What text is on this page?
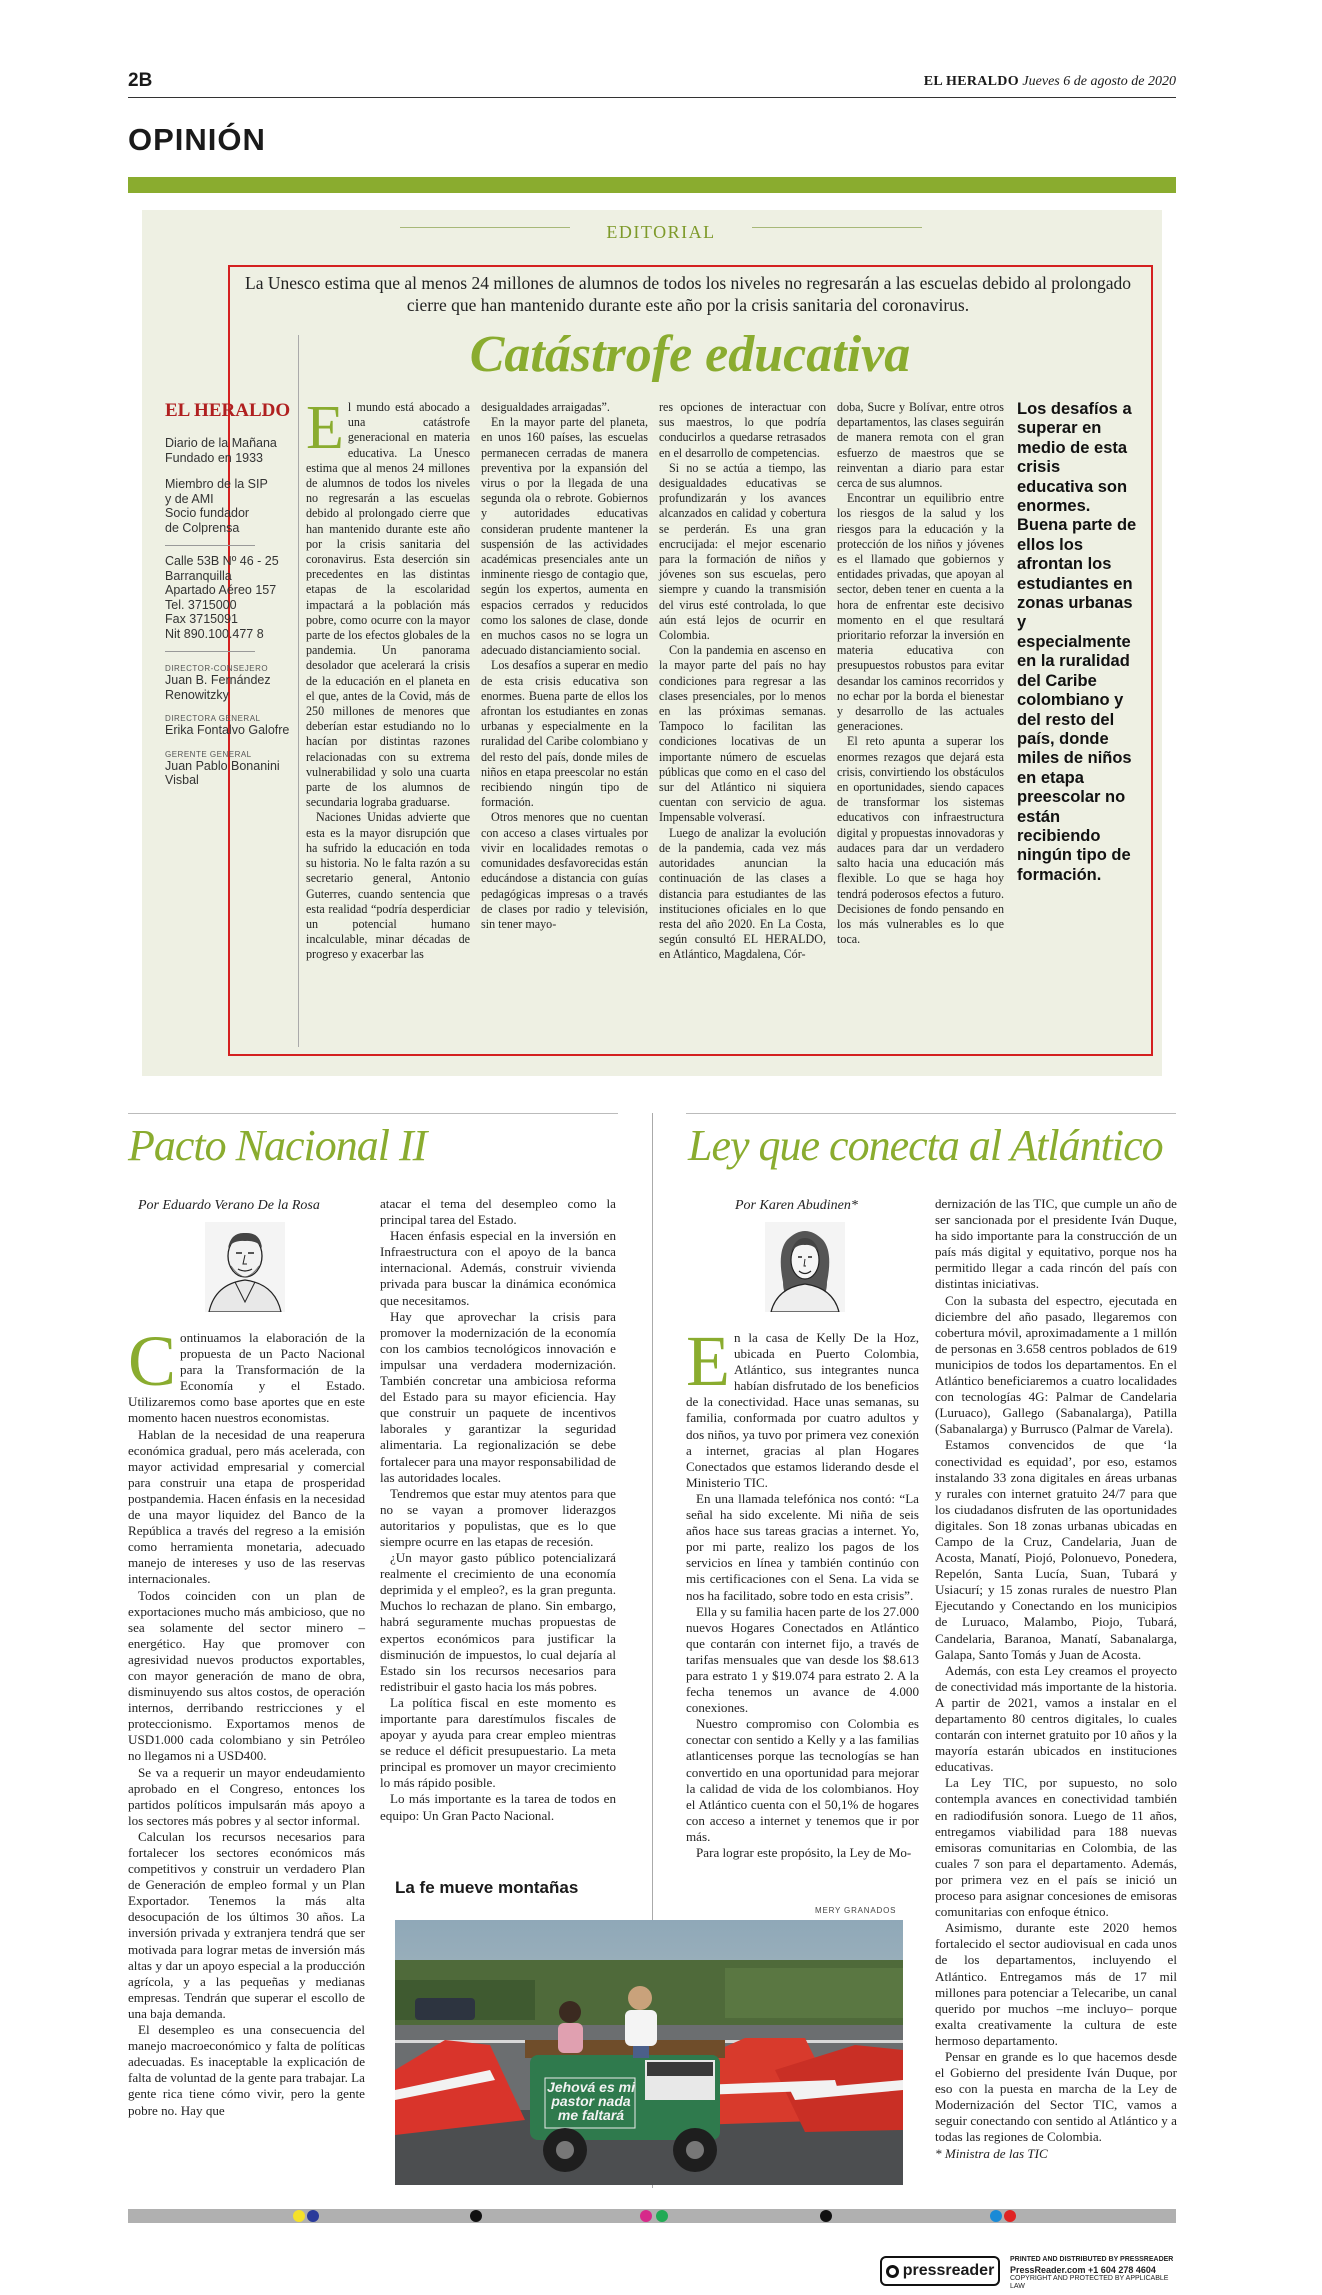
2B	EL HERALDO Jueves 6 de agosto de 2020
OPINIÓN
EDITORIAL
La Unesco estima que al menos 24 millones de alumnos de todos los niveles no regresarán a las escuelas debido al prolongado cierre que han mantenido durante este año por la crisis sanitaria del coronavirus.
Catástrofe educativa
EL HERALDO
Diario de la Mañana
Fundado en 1933
Miembro de la SIP
y de AMI
Socio fundador
de Colprensa
Calle 53B Nº 46 - 25
Barranquilla
Apartado Aéreo 157
Tel. 3715000
Fax 3715091
Nit 890.100.477 8
DIRECTOR-CONSEJERO
Juan B. Fernández Renowitzky
DIRECTORA GENERAL
Erika Fontalvo Galofre
GERENTE GENERAL
Juan Pablo Bonanini Visbal

El mundo está abocado a una catástrofe generacional en materia educativa. La Unesco estima que al menos 24 millones de alumnos de todos los niveles no regresarán a las escuelas debido al prolongado cierre que han mantenido durante este año por la crisis sanitaria del coronavirus. Esta deserción sin precedentes en las distintas etapas de la escolaridad impactará a la población más pobre, como ocurre con la mayor parte de los efectos globales de la pandemia. Un panorama desolador que acelerará la crisis de la educación en el planeta en el que, antes de la Covid, más de 250 millones de menores que deberían estar estudiando no lo hacían por distintas razones relacionadas con su extrema vulnerabilidad y solo una cuarta parte de los alumnos de secundaria lograba graduarse.

Naciones Unidas advierte que esta es la mayor disrupción que ha sufrido la educación en toda su historia. No le falta razón a su secretario general, Antonio Guterres, cuando sentencia que esta realidad “podría desperdiciar un potencial humano incalculable, minar décadas de progreso y exacerbar las

desigualdades arraigadas”.

En la mayor parte del planeta, en unos 160 países, las escuelas permanecen cerradas de manera preventiva por la expansión del virus o por la llegada de una segunda ola o rebrote. Gobiernos y autoridades educativas consideran prudente mantener la suspensión de las actividades académicas presenciales ante un inminente riesgo de contagio que, según los expertos, aumenta en espacios cerrados y reducidos como los salones de clase, donde en muchos casos no se logra un adecuado distanciamiento social.

Los desafíos a superar en medio de esta crisis educativa son enormes. Buena parte de ellos los afrontan los estudiantes en zonas urbanas y especialmente en la ruralidad del Caribe colombiano y del resto del país, donde miles de niños en etapa preescolar no están recibiendo ningún tipo de formación.

Otros menores que no cuentan con acceso a clases virtuales por vivir en localidades remotas o comunidades desfavorecidas están educándose a distancia con guías pedagógicas impresas o a través de clases por radio y televisión, sin tener mayo-

res opciones de interactuar con sus maestros, lo que podría conducirlos a quedarse retrasados en el desarrollo de competencias.

Si no se actúa a tiempo, las desigualdades educativas se profundizarán y los avances alcanzados en calidad y cobertura se perderán. Es una gran encrucijada: el mejor escenario para la formación de niños y jóvenes son sus escuelas, pero siempre y cuando la transmisión del virus esté controlada, lo que aún está lejos de ocurrir en Colombia.

Con la pandemia en ascenso en la mayor parte del país no hay condiciones para regresar a las clases presenciales, por lo menos en las próximas semanas. Tampoco lo facilitan las condiciones locativas de un importante número de escuelas públicas que como en el caso del sur del Atlántico ni siquiera cuentan con servicio de agua. Impensable volverasí.

Luego de analizar la evolución de la pandemia, cada vez más autoridades anuncian la continuación de las clases a distancia para estudiantes de las instituciones oficiales en lo que resta del año 2020. En La Costa, según consultó EL HERALDO, en Atlántico, Magdalena, Cór-

doba, Sucre y Bolívar, entre otros departamentos, las clases seguirán de manera remota con el gran esfuerzo de maestros que se reinventan a diario para estar cerca de sus alumnos.

Encontrar un equilibrio entre los riesgos de la salud y los riesgos para la educación y la protección de los niños y jóvenes es el llamado que gobiernos y entidades privadas, que apoyan al sector, deben tener en cuenta a la hora de enfrentar este decisivo momento en el que resultará prioritario reforzar la inversión en materia educativa con presupuestos robustos para evitar desandar los caminos recorridos y no echar por la borda el bienestar y desarrollo de las actuales generaciones.

El reto apunta a superar los enormes rezagos que dejará esta crisis, convirtiendo los obstáculos en oportunidades, siendo capaces de transformar los sistemas educativos con infraestructura digital y propuestas innovadoras y audaces para dar un verdadero salto hacia una educación más flexible. Lo que se haga hoy tendrá poderosos efectos a futuro. Decisiones de fondo pensando en los más vulnerables es lo que toca.

Los desafíos a superar en medio de esta crisis educativa son enormes. Buena parte de ellos los afrontan los estudiantes en zonas urbanas y especialmente en la ruralidad del Caribe colombiano y del resto del país, donde miles de niños en etapa preescolar no están recibiendo ningún tipo de formación.
Pacto Nacional II
Por Eduardo Verano De la Rosa

Continuamos la elaboración de la propuesta de un Pacto Nacional para la Transformación de la Economía y el Estado. Utilizaremos como base aportes que en este momento hacen nuestros economistas.

Hablan de la necesidad de una reaperura económica gradual, pero más acelerada, con mayor actividad empresarial y comercial para construir una etapa de prosperidad postpandemia. Hacen énfasis en la necesidad de una mayor liquidez del Banco de la República a través del regreso a la emisión como herramienta monetaria, adecuado manejo de intereses y uso de las reservas internacionales.

Todos coinciden con un plan de exportaciones mucho más ambicioso, que no sea solamente del sector minero – energético. Hay que promover con agresividad nuevos productos exportables, con mayor generación de mano de obra, disminuyendo sus altos costos, de operación internos, derribando restricciones y el proteccionismo. Exportamos menos de USD1.000 cada colombiano y sin Petróleo no llegamos ni a USD400.

Se va a requerir un mayor endeudamiento aprobado en el Congreso, entonces los partidos políticos impulsarán más apoyo a los sectores más pobres y al sector informal.

Calculan los recursos necesarios para fortalecer los sectores económicos más competitivos y construir un verdadero Plan de Generación de empleo formal y un Plan Exportador. Tenemos la más alta desocupación de los últimos 30 años. La inversión privada y extranjera tendrá que ser motivada para lograr metas de inversión más altas y dar un apoyo especial a la producción agrícola, y a las pequeñas y medianas empresas. Tendrán que superar el escollo de una baja demanda.

El desempleo es una consecuencia del manejo macroeconómico y falta de políticas adecuadas. Es inaceptable la explicación de falta de voluntad de la gente para trabajar. La gente rica tiene cómo vivir, pero la gente pobre no. Hay que

atacar el tema del desempleo como la principal tarea del Estado.

Hacen énfasis especial en la inversión en Infraestructura con el apoyo de la banca internacional. Además, construir vivienda privada para buscar la dinámica económica que necesitamos.

Hay que aprovechar la crisis para promover la modernización de la economía con los cambios tecnológicos innovación e impulsar una verdadera modernización. También concretar una ambiciosa reforma del Estado para su mayor eficiencia. Hay que construir un paquete de incentivos laborales y garantizar la seguridad alimentaria. La regionalización se debe fortalecer para una mayor responsabilidad de las autoridades locales.

Tendremos que estar muy atentos para que no se vayan a promover liderazgos autoritarios y populistas, que es lo que siempre ocurre en las etapas de recesión.

¿Un mayor gasto público potencializará realmente el crecimiento de una economía deprimida y el empleo?, es la gran pregunta. Muchos lo rechazan de plano. Sin embargo, habrá seguramente muchas propuestas de expertos económicos para justificar la disminución de impuestos, lo cual dejaría al Estado sin los recursos necesarios para redistribuir el gasto hacia los más pobres.

La política fiscal en este momento es importante para darestímulos fiscales de apoyar y ayuda para crear empleo mientras se reduce el déficit presupuestario. La meta principal es promover un mayor crecimiento lo más rápido posible.

Lo más importante es la tarea de todos en equipo: Un Gran Pacto Nacional.

Ley que conecta al Atlántico
Por Karen Abudinen*

En la casa de Kelly De la Hoz, ubicada en Puerto Colombia, Atlántico, sus integrantes nunca habían disfrutado de los beneficios de la conectividad. Hace unas semanas, su familia, conformada por cuatro adultos y dos niños, ya tuvo por primera vez conexión a internet, gracias al plan Hogares Conectados que estamos liderando desde el Ministerio TIC.

En una llamada telefónica nos contó: “La señal ha sido excelente. Mi niña de seis años hace sus tareas gracias a internet. Yo, por mi parte, realizo los pagos de los servicios en línea y también continúo con mis certificaciones con el Sena. La vida se nos ha facilitado, sobre todo en esta crisis”.

Ella y su familia hacen parte de los 27.000 nuevos Hogares Conectados en Atlántico que contarán con internet fijo, a través de tarifas mensuales que van desde los $8.613 para estrato 1 y $19.074 para estrato 2. A la fecha tenemos un avance de 4.000 conexiones.

Nuestro compromiso con Colombia es conectar con sentido a Kelly y a las familias atlanticenses porque las tecnologías se han convertido en una oportunidad para mejorar la calidad de vida de los colombianos. Hoy el Atlántico cuenta con el 50,1% de hogares con acceso a internet y tenemos que ir por más.

Para lograr este propósito, la Ley de Mo-

dernización de las TIC, que cumple un año de ser sancionada por el presidente Iván Duque, ha sido importante para la construcción de un país más digital y equitativo, porque nos ha permitido llegar a cada rincón del país con distintas iniciativas.

Con la subasta del espectro, ejecutada en diciembre del año pasado, llegaremos con cobertura móvil, aproximadamente a 1 millón de personas en 3.658 centros poblados de 619 municipios de todos los departamentos. En el Atlántico beneficiaremos a cuatro localidades con tecnologías 4G: Palmar de Candelaria (Luruaco), Gallego (Sabanalarga), Patilla (Sabanalarga) y Burrusco (Palmar de Varela).

Estamos convencidos de que ‘la conectividad es equidad’, por eso, estamos instalando 33 zona digitales en áreas urbanas y rurales con internet gratuito 24/7 para que los ciudadanos disfruten de las oportunidades digitales. Son 18 zonas urbanas ubicadas en Campo de la Cruz, Candelaria, Juan de Acosta, Manatí, Piojó, Polonuevo, Ponedera, Repelón, Santa Lucía, Suan, Tubará y Usiacurí; y 15 zonas rurales de nuestro Plan Ejecutando y Conectando en los municipios de Luruaco, Malambo, Piojo, Tubará, Candelaria, Baranoa, Manatí, Sabanalarga, Galapa, Santo Tomás y Juan de Acosta.

Además, con esta Ley creamos el proyecto de conectividad más importante de la historia. A partir de 2021, vamos a instalar en el departamento 80 centros digitales, lo cuales contarán con internet gratuito por 10 años y la mayoría estarán ubicados en instituciones educativas.

La Ley TIC, por supuesto, no solo contempla avances en conectividad también en radiodifusión sonora. Luego de 11 años, entregamos viabilidad para 188 nuevas emisoras comunitarias en Colombia, de las cuales 7 son para el departamento. Además, por primera vez en el país se inició un proceso para asignar concesiones de emisoras comunitarias con enfoque étnico.

Asimismo, durante este 2020 hemos fortalecido el sector audiovisual en cada unos de los departamentos, incluyendo el Atlántico. Entregamos más de 17 mil millones para potenciar a Telecaribe, un canal querido por muchos –me incluyo– porque exalta creativamente la cultura de este hermoso departamento.

Pensar en grande es lo que hacemos desde el Gobierno del presidente Iván Duque, por eso con la puesta en marcha de la Ley de Modernización del Sector TIC, vamos a seguir conectando con sentido al Atlántico y a todas las regiones de Colombia.

* Ministra de las TIC

La fe mueve montañas
MERY GRANADOS
Jehová es mi pastor nada me faltará
pressreader
PRINTED AND DISTRIBUTED BY PRESSREADER
PressReader.com +1 604 278 4604
COPYRIGHT AND PROTECTED BY APPLICABLE LAW
